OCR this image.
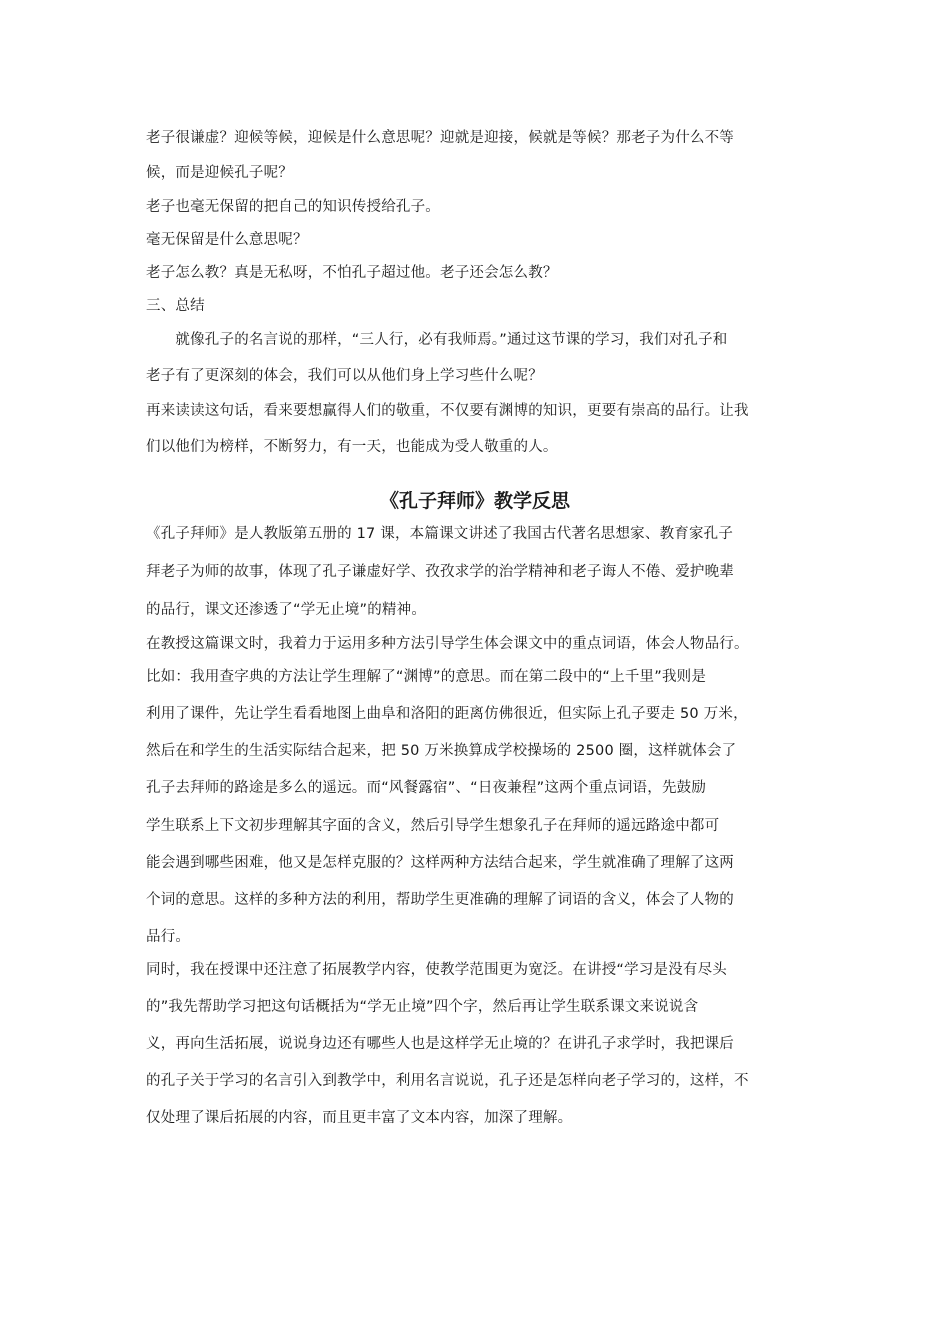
老子很谦虚？迎候等候，迎候是什么意思呢？迎就是迎接，候就是等候？那老子为什么不等
候，而是迎候孔子呢？
老子也毫无保留的把自己的知识传授给孔子。
毫无保留是什么意思呢？
老子怎么教？真是无私呀，不怕孔子超过他。老子还会怎么教？
三、总结
　　就像孔子的名言说的那样，“三人行，必有我师焉。”通过这节课的学习，我们对孔子和
老子有了更深刻的体会，我们可以从他们身上学习些什么呢？
再来读读这句话，看来要想赢得人们的敬重，不仅要有渊博的知识，更要有崇高的品行。让我
们以他们为榜样，不断努力，有一天，也能成为受人敬重的人。
《孔子拜师》教学反思
《孔子拜师》是人教版第五册的 17 课，本篇课文讲述了我国古代著名思想家、教育家孔子
拜老子为师的故事，体现了孔子谦虚好学、孜孜求学的治学精神和老子诲人不倦、爱护晚辈
的品行，课文还渗透了“学无止境”的精神。
在教授这篇课文时，我着力于运用多种方法引导学生体会课文中的重点词语，体会人物品行。
比如：我用查字典的方法让学生理解了“渊博”的意思。而在第二段中的“上千里”我则是
利用了课件，先让学生看看地图上曲阜和洛阳的距离仿佛很近，但实际上孔子要走 50 万米，
然后在和学生的生活实际结合起来，把 50 万米换算成学校操场的 2500 圈，这样就体会了
孔子去拜师的路途是多么的遥远。而“风餐露宿”、“日夜兼程”这两个重点词语，先鼓励
学生联系上下文初步理解其字面的含义，然后引导学生想象孔子在拜师的遥远路途中都可
能会遇到哪些困难，他又是怎样克服的？这样两种方法结合起来，学生就准确了理解了这两
个词的意思。这样的多种方法的利用，帮助学生更准确的理解了词语的含义，体会了人物的
品行。
同时，我在授课中还注意了拓展教学内容，使教学范围更为宽泛。在讲授“学习是没有尽头
的”我先帮助学习把这句话概括为“学无止境”四个字，然后再让学生联系课文来说说含
义，再向生活拓展，说说身边还有哪些人也是这样学无止境的？在讲孔子求学时，我把课后
的孔子关于学习的名言引入到教学中，利用名言说说，孔子还是怎样向老子学习的，这样，不
仅处理了课后拓展的内容，而且更丰富了文本内容，加深了理解。
